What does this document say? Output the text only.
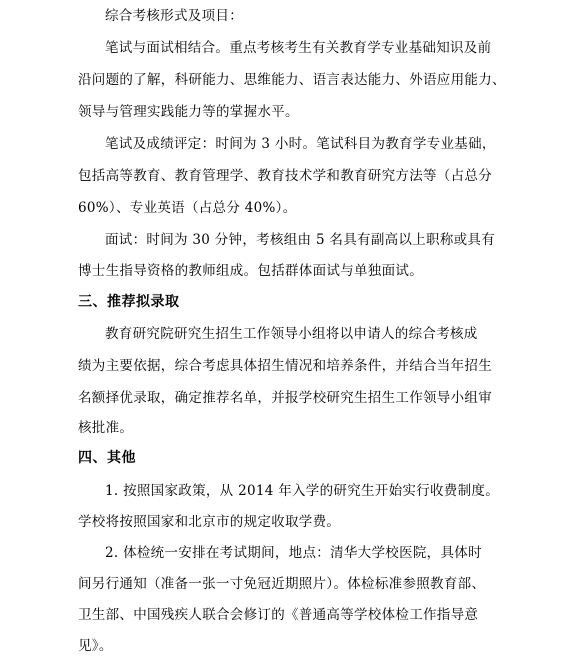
综合考核形式及项目：
笔试与面试相结合。重点考核考生有关教育学专业基础知识及前
沿问题的了解，科研能力、思维能力、语言表达能力、外语应用能力、
领导与管理实践能力等的掌握水平。
笔试及成绩评定：时间为 3 小时。笔试科目为教育学专业基础，
包括高等教育、教育管理学、教育技术学和教育研究方法等（占总分
60%）、专业英语（占总分 40%）。
面试：时间为 30 分钟，考核组由 5 名具有副高以上职称或具有
博士生指导资格的教师组成。包括群体面试与单独面试。
三、推荐拟录取
教育研究院研究生招生工作领导小组将以申请人的综合考核成
绩为主要依据，综合考虑具体招生情况和培养条件，并结合当年招生
名额择优录取，确定推荐名单，并报学校研究生招生工作领导小组审
核批准。
四、其他
1. 按照国家政策，从 2014 年入学的研究生开始实行收费制度。
学校将按照国家和北京市的规定收取学费。
2. 体检统一安排在考试期间，地点：清华大学校医院，具体时
间另行通知（准备一张一寸免冠近期照片）。体检标准参照教育部、
卫生部、中国残疾人联合会修订的《普通高等学校体检工作指导意
见》。
